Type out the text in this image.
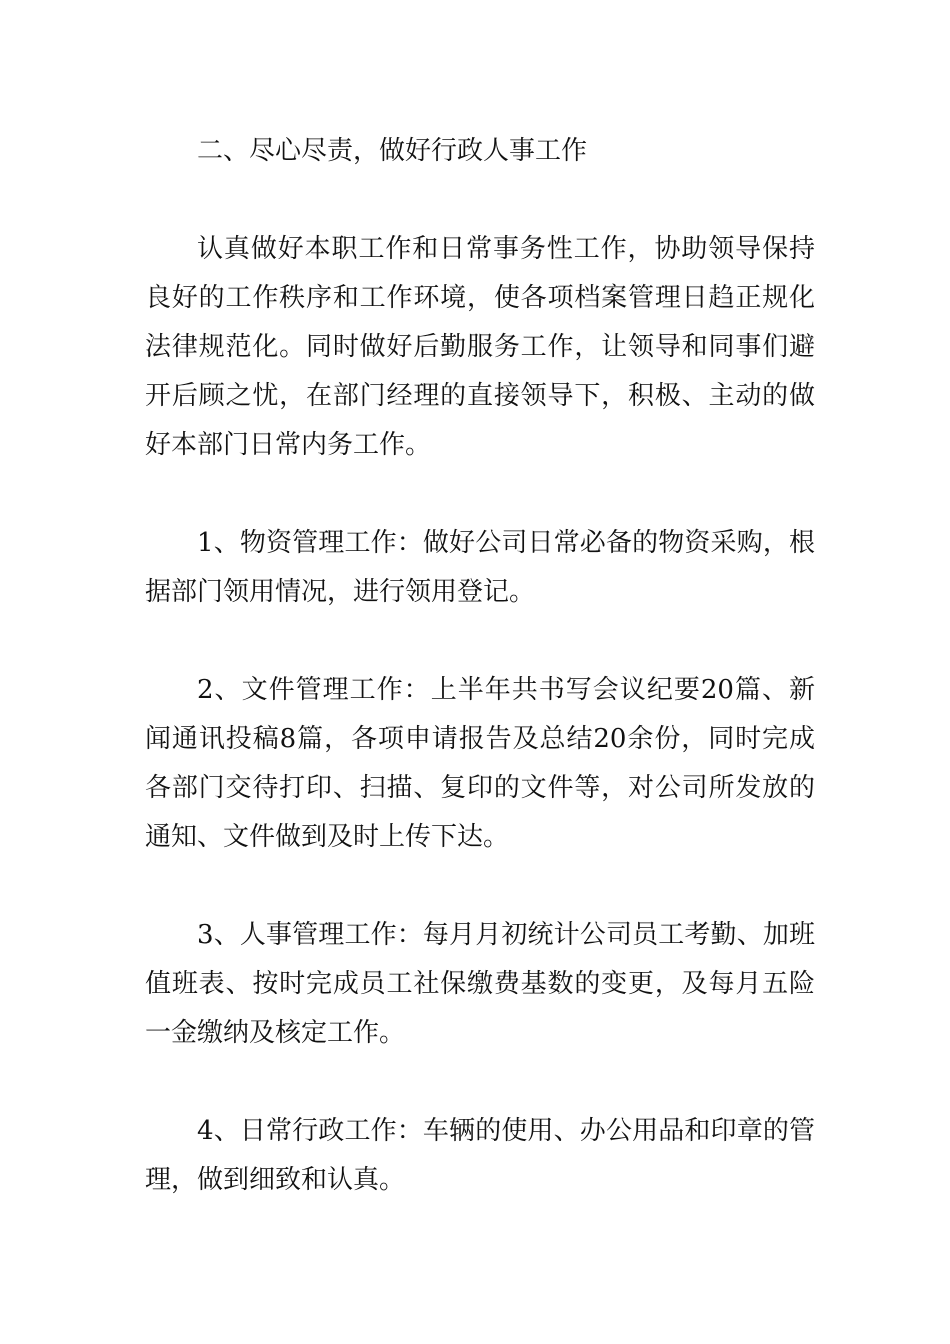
二、尽心尽责，做好行政人事工作

认真做好本职工作和日常事务性工作，协助领导保持良好的工作秩序和工作环境，使各项档案管理日趋正规化法律规范化。同时做好后勤服务工作，让领导和同事们避开后顾之忧，在部门经理的直接领导下，积极、主动的做好本部门日常内务工作。

1、物资管理工作：做好公司日常必备的物资采购，根据部门领用情况，进行领用登记。

2、文件管理工作：上半年共书写会议纪要20篇、新闻通讯投稿8篇，各项申请报告及总结20余份，同时完成各部门交待打印、扫描、复印的文件等，对公司所发放的通知、文件做到及时上传下达。

3、人事管理工作：每月月初统计公司员工考勤、加班值班表、按时完成员工社保缴费基数的变更，及每月五险一金缴纳及核定工作。

4、日常行政工作：车辆的使用、办公用品和印章的管理，做到细致和认真。
